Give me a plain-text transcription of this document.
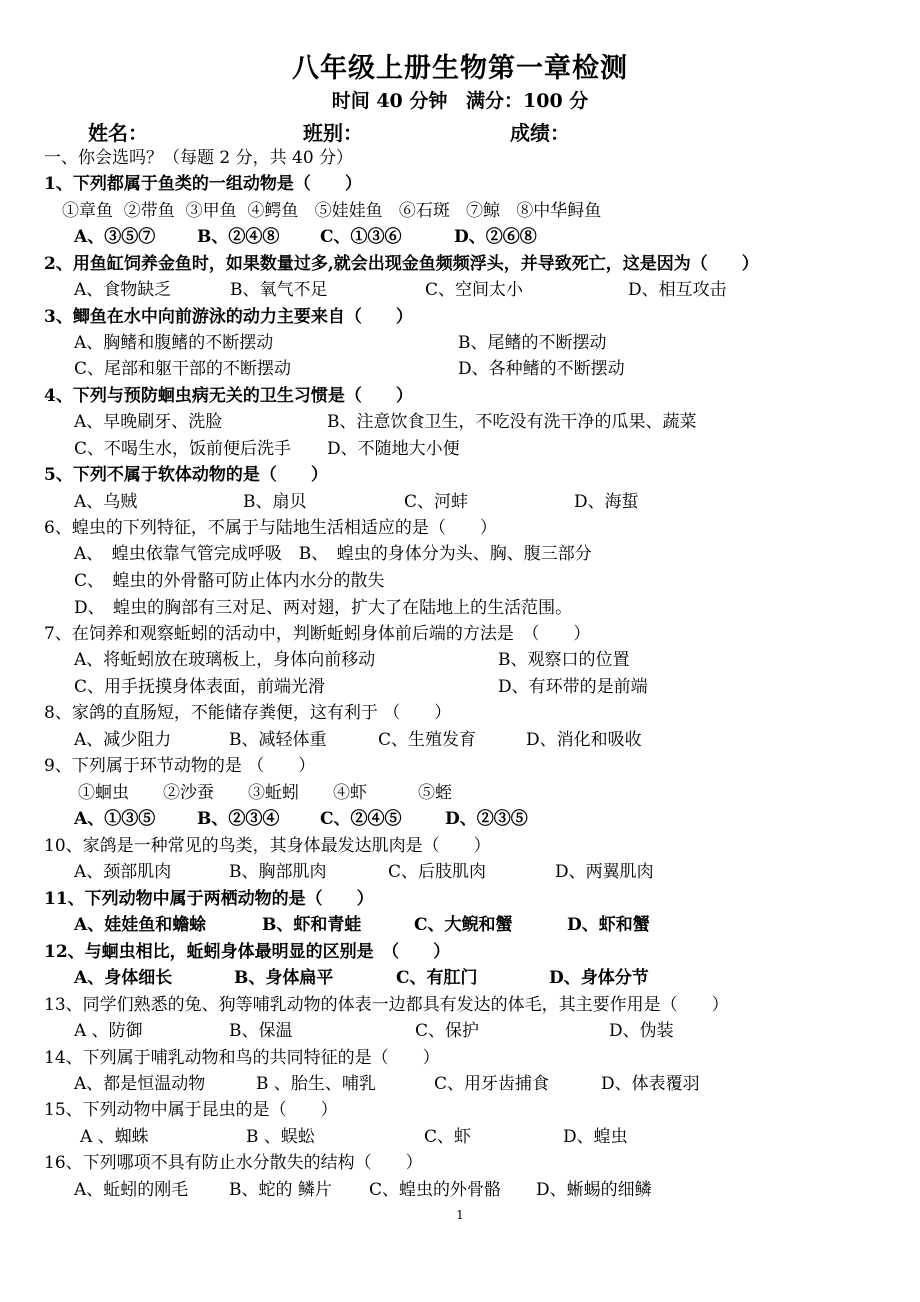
八年级上册生物第一章检测
时间 40 分钟 满分：100 分
姓名：	班别：	成绩：
一、你会选吗？（每题 2 分，共 40 分）
1、下列都属于鱼类的一组动物是（　　）
①章鱼  ②带鱼  ③甲鱼  ④鳄鱼   ⑤娃娃鱼   ⑥石斑   ⑦鲸   ⑧中华鲟鱼
A、③⑤⑦ B、②④⑧ C、①③⑥	D、②⑥⑧
2、用鱼缸饲养金鱼时，如果数量过多,就会出现金鱼频频浮头，并导致死亡，这是因为（　　）
A、食物缺乏	B、氧气不足	C、空间太小	D、相互攻击
3、鲫鱼在水中向前游泳的动力主要来自（　　）
A、胸鳍和腹鳍的不断摆动	B、尾鳍的不断摆动
C、尾部和躯干部的不断摆动	D、各种鳍的不断摆动
4、下列与预防蛔虫病无关的卫生习惯是（　　）
A、早晚刷牙、洗脸	B、注意饮食卫生，不吃没有洗干净的瓜果、蔬菜
C、不喝生水，饭前便后洗手 D、不随地大小便
5、下列不属于软体动物的是（　　）
A、乌贼	B、扇贝	C、河蚌	D、海蜇
6、蝗虫的下列特征，不属于与陆地生活相适应的是（　　）
A、　蝗虫依靠气管完成呼吸　B、　蝗虫的身体分为头、胸、腹三部分
C、　蝗虫的外骨骼可防止体内水分的散失
D、　蝗虫的胸部有三对足、两对翅，扩大了在陆地上的生活范围。
7、在饲养和观察蚯蚓的活动中，判断蚯蚓身体前后端的方法是　（　　）
A、将蚯蚓放在玻璃板上，身体向前移动	B、观察口的位置
C、用手抚摸身体表面，前端光滑	D、有环带的是前端
8、家鸽的直肠短，不能储存粪便，这有利于 （　　）
A、减少阻力	B、减轻体重	C、生殖发育	D、消化和吸收
9、下列属于环节动物的是 （　　）
①蛔虫　　②沙蚕　　③蚯蚓　　④虾　　　⑤蛭
A、①③⑤ B、②③④ C、②④⑤	D、②③⑤
10、家鸽是一种常见的鸟类，其身体最发达肌肉是（　　）
A、颈部肌肉	B、胸部肌肉	C、后肢肌肉	D、两翼肌肉
11、下列动物中属于两栖动物的是（　　）
A、娃娃鱼和蟾蜍	B、虾和青蛙	C、大鲵和蟹	D、虾和蟹
12、与蛔虫相比，蚯蚓身体最明显的区别是　（　　）
A、身体细长	B、身体扁平	C、有肛门	D、身体分节
13、同学们熟悉的兔、狗等哺乳动物的体表一边都具有发达的体毛，其主要作用是（　　）
A 、防御	B、保温	C、保护	D、伪装
14、下列属于哺乳动物和鸟的共同特征的是（　　）
A、都是恒温动物	B 、胎生、哺乳	C、用牙齿捕食	D、体表覆羽
15、下列动物中属于昆虫的是（　　）
A 、蜘蛛	B 、蜈蚣	C、虾	D、蝗虫
16、下列哪项不具有防止水分散失的结构（　　）
A、蚯蚓的刚毛 B、蛇的 鳞片 C、蝗虫的外骨骼 D、蜥蜴的细鳞
1
